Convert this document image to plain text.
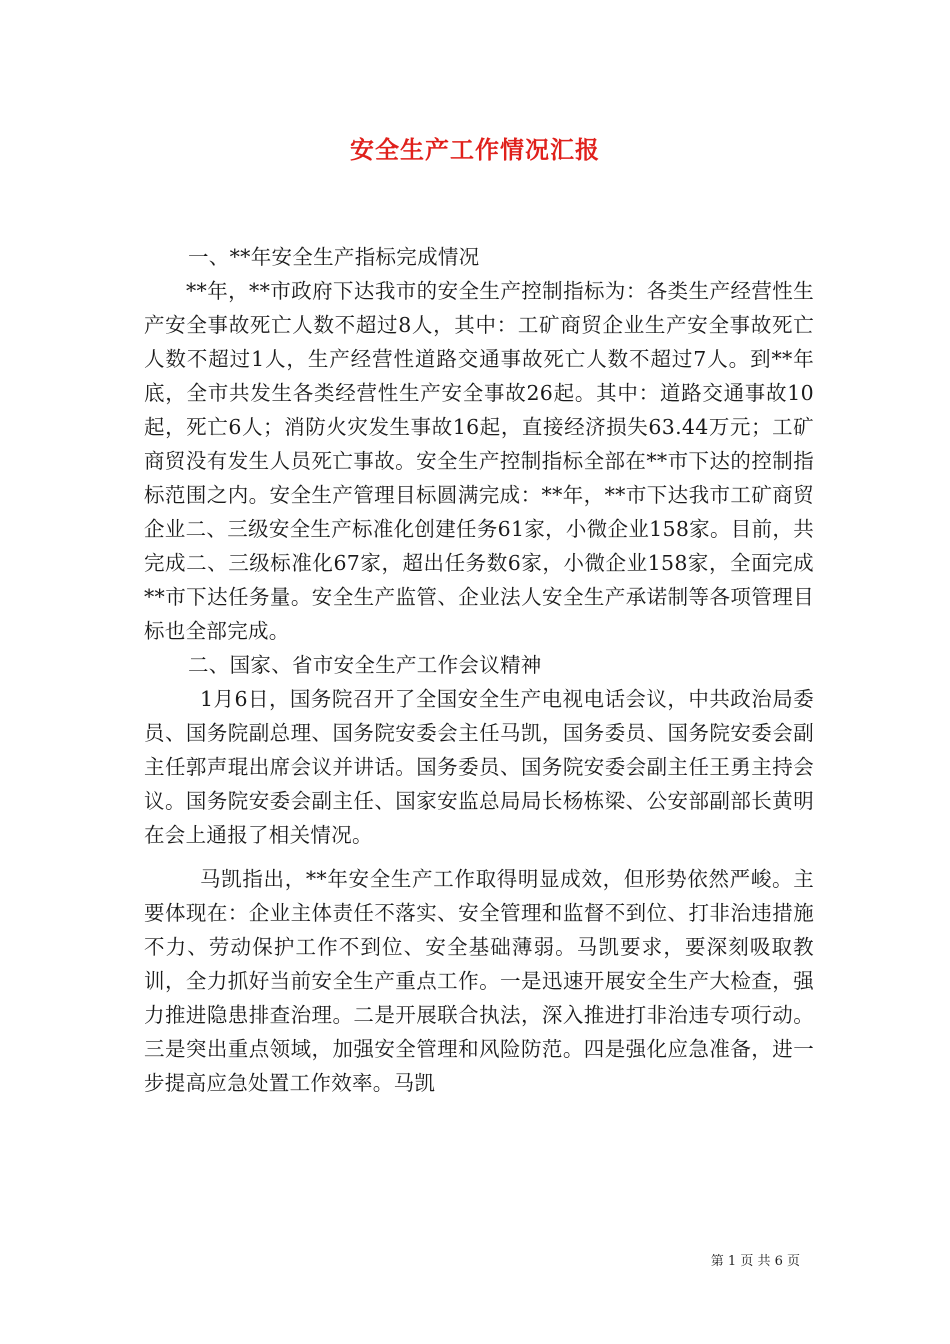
安全生产工作情况汇报

一、**年安全生产指标完成情况

**年，**市政府下达我市的安全生产控制指标为：各类生产经营性生产安全事故死亡人数不超过8人，其中：工矿商贸企业生产安全事故死亡人数不超过1人，生产经营性道路交通事故死亡人数不超过7人。到**年底，全市共发生各类经营性生产安全事故26起。其中：道路交通事故10起，死亡6人；消防火灾发生事故16起，直接经济损失63.44万元；工矿商贸没有发生人员死亡事故。安全生产控制指标全部在**市下达的控制指标范围之内。安全生产管理目标圆满完成：**年，**市下达我市工矿商贸企业二、三级安全生产标准化创建任务61家，小微企业158家。目前，共完成二、三级标准化67家，超出任务数6家，小微企业158家，全面完成**市下达任务量。安全生产监管、企业法人安全生产承诺制等各项管理目标也全部完成。

二、国家、省市安全生产工作会议精神

1月6日，国务院召开了全国安全生产电视电话会议，中共政治局委员、国务院副总理、国务院安委会主任马凯，国务委员、国务院安委会副主任郭声琨出席会议并讲话。国务委员、国务院安委会副主任王勇主持会议。国务院安委会副主任、国家安监总局局长杨栋梁、公安部副部长黄明在会上通报了相关情况。

马凯指出，**年安全生产工作取得明显成效，但形势依然严峻。主要体现在：企业主体责任不落实、安全管理和监督不到位、打非治违措施不力、劳动保护工作不到位、安全基础薄弱。马凯要求，要深刻吸取教训，全力抓好当前安全生产重点工作。一是迅速开展安全生产大检查，强力推进隐患排查治理。二是开展联合执法，深入推进打非治违专项行动。三是突出重点领域，加强安全管理和风险防范。四是强化应急准备，进一步提高应急处置工作效率。马凯

第 1 页 共 6 页
